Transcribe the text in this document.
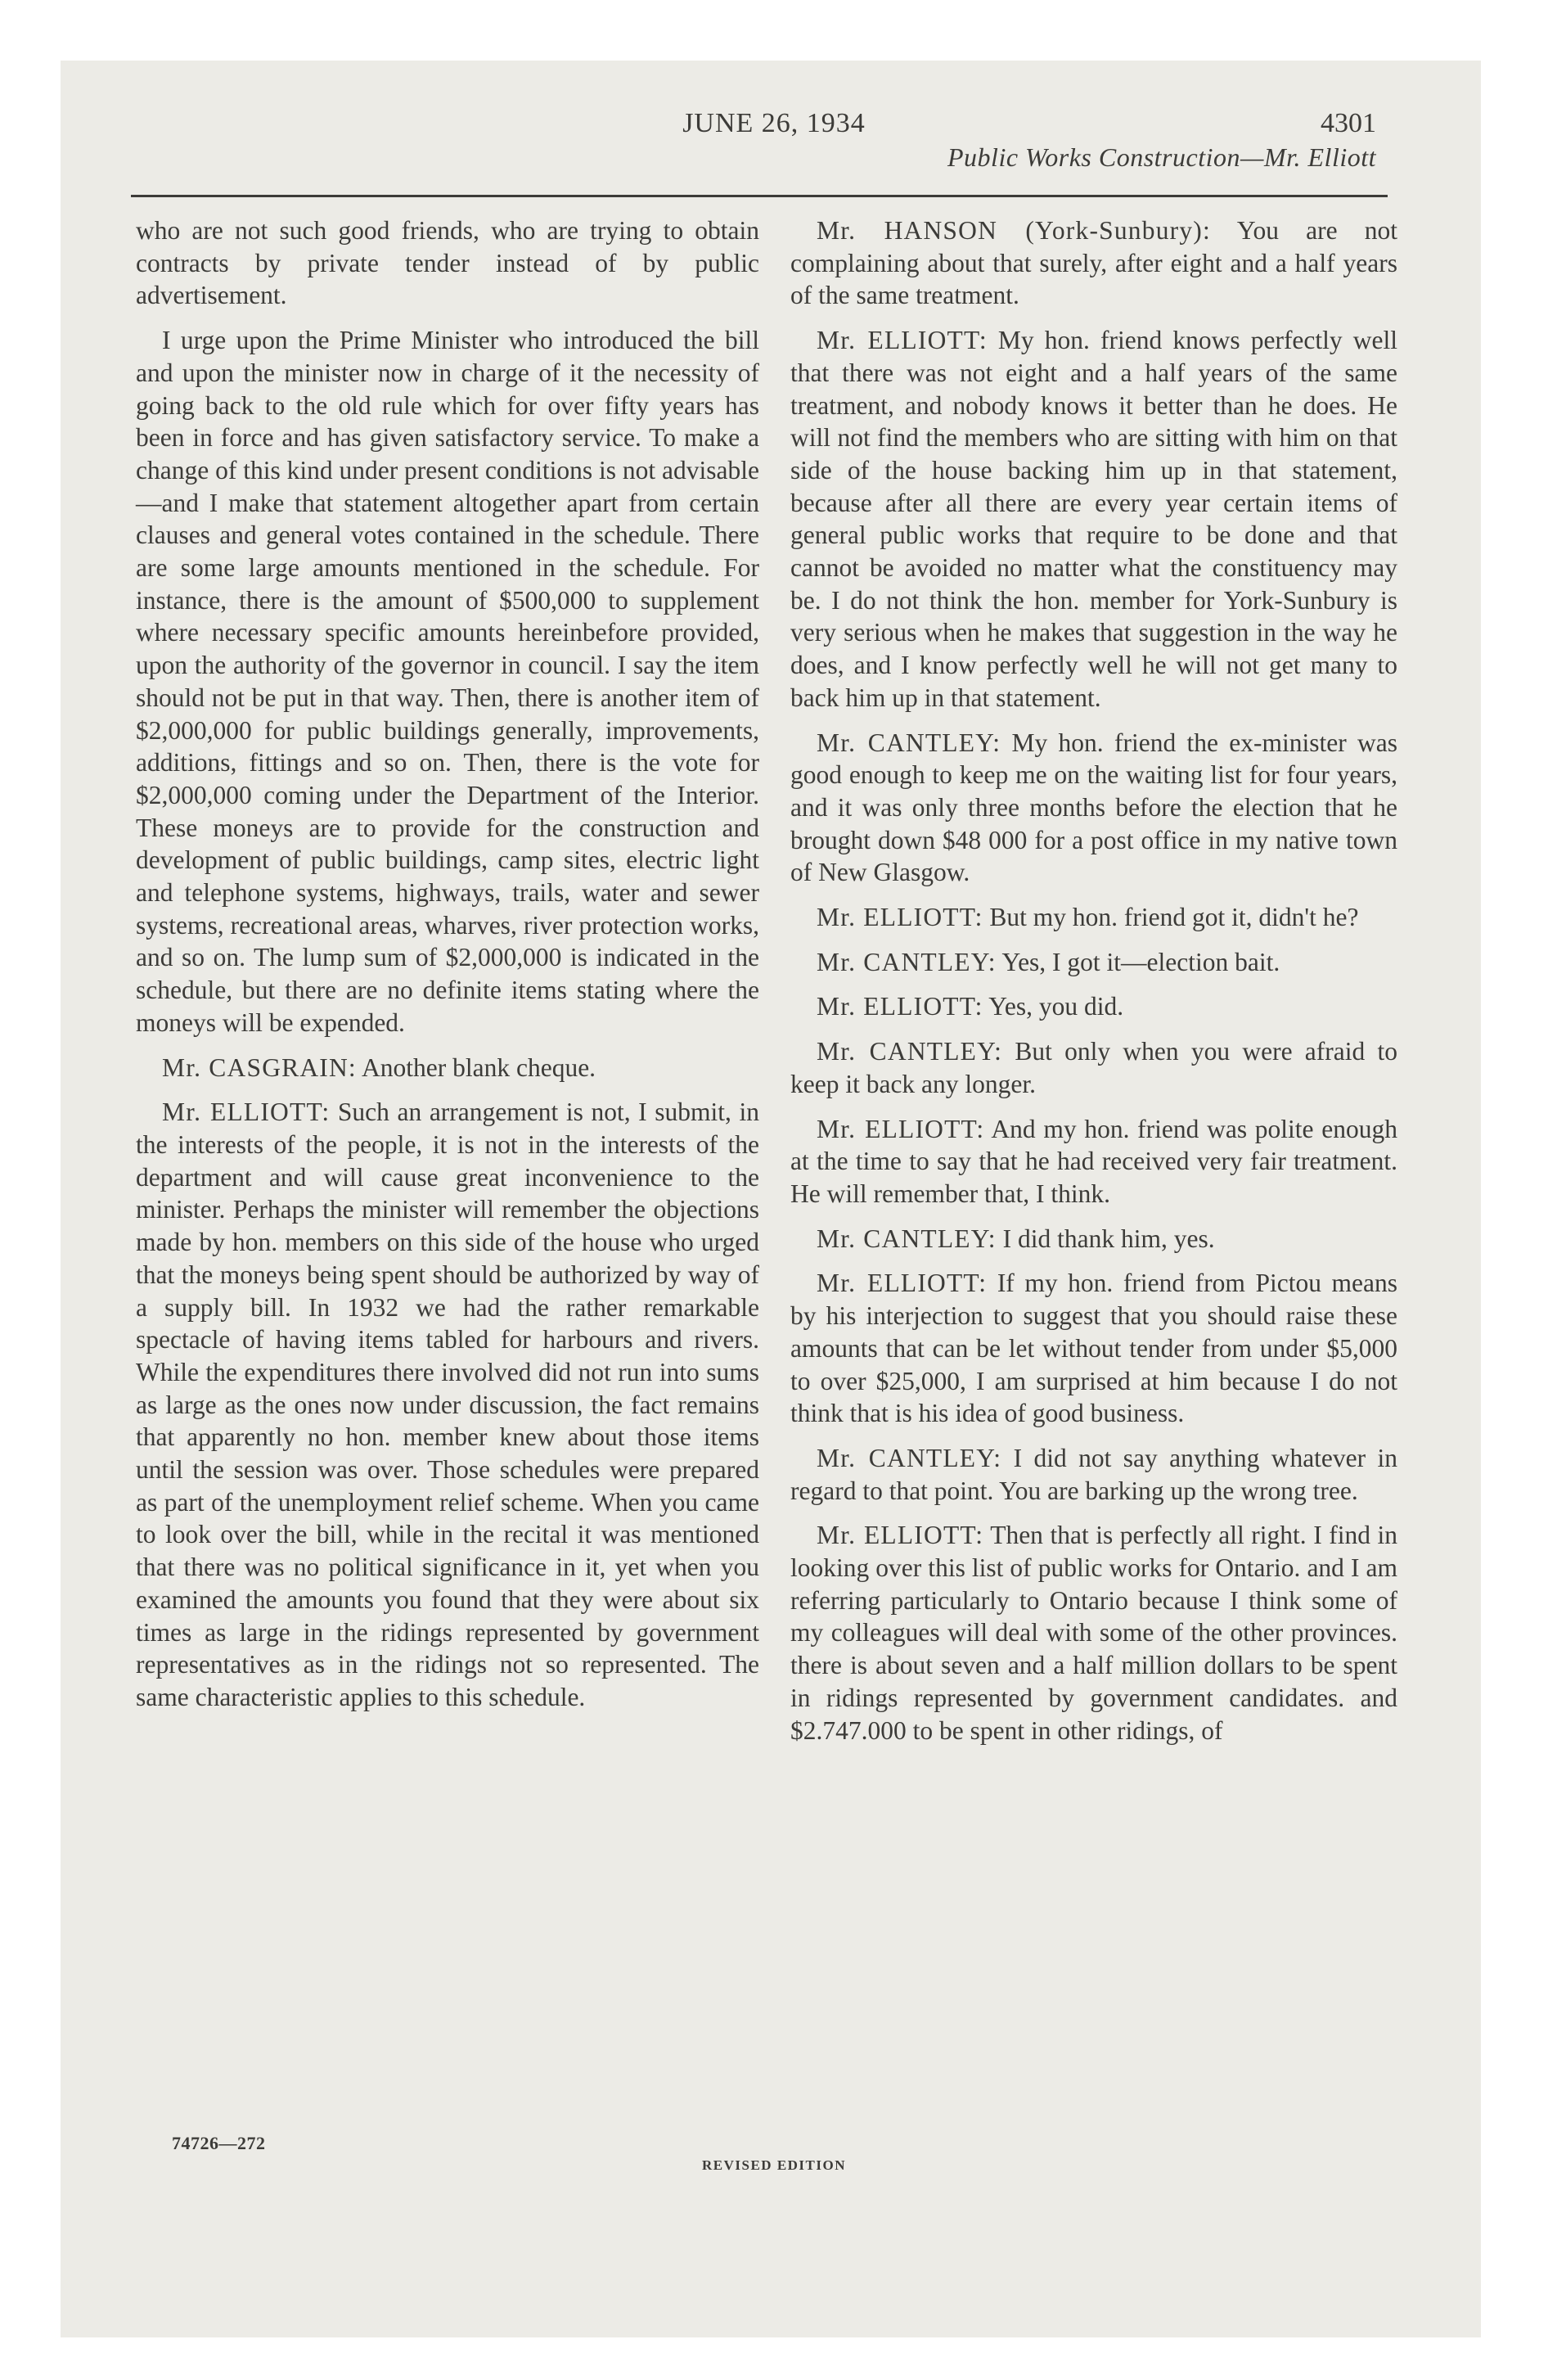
JUNE 26, 1934	4301
Public Works Construction—Mr. Elliott

who are not such good friends, who are trying to obtain contracts by private tender instead of by public advertisement.

I urge upon the Prime Minister who introduced the bill and upon the minister now in charge of it the necessity of going back to the old rule which for over fifty years has been in force and has given satisfactory service. To make a change of this kind under present conditions is not advisable—and I make that statement altogether apart from certain clauses and general votes contained in the schedule. There are some large amounts mentioned in the schedule. For instance, there is the amount of $500,000 to supplement where necessary specific amounts hereinbefore provided, upon the authority of the governor in council. I say the item should not be put in that way. Then, there is another item of $2,000,000 for public buildings generally, improvements, additions, fittings and so on. Then, there is the vote for $2,000,000 coming under the Department of the Interior. These moneys are to provide for the construction and development of public buildings, camp sites, electric light and telephone systems, highways, trails, water and sewer systems, recreational areas, wharves, river protection works, and so on. The lump sum of $2,000,000 is indicated in the schedule, but there are no definite items stating where the moneys will be expended.

Mr. CASGRAIN: Another blank cheque.

Mr. ELLIOTT: Such an arrangement is not, I submit, in the interests of the people, it is not in the interests of the department and will cause great inconvenience to the minister. Perhaps the minister will remember the objections made by hon. members on this side of the house who urged that the moneys being spent should be authorized by way of a supply bill. In 1932 we had the rather remarkable spectacle of having items tabled for harbours and rivers. While the expenditures there involved did not run into sums as large as the ones now under discussion, the fact remains that apparently no hon. member knew about those items until the session was over. Those schedules were prepared as part of the unemployment relief scheme. When you came to look over the bill, while in the recital it was mentioned that there was no political significance in it, yet when you examined the amounts you found that they were about six times as large in the ridings represented by government representatives as in the ridings not so represented. The same characteristic applies to this schedule.

Mr. HANSON (York-Sunbury): You are not complaining about that surely, after eight and a half years of the same treatment.

Mr. ELLIOTT: My hon. friend knows perfectly well that there was not eight and a half years of the same treatment, and nobody knows it better than he does. He will not find the members who are sitting with him on that side of the house backing him up in that statement, because after all there are every year certain items of general public works that require to be done and that cannot be avoided no matter what the constituency may be. I do not think the hon. member for York-Sunbury is very serious when he makes that suggestion in the way he does, and I know perfectly well he will not get many to back him up in that statement.

Mr. CANTLEY: My hon. friend the ex-minister was good enough to keep me on the waiting list for four years, and it was only three months before the election that he brought down $48 000 for a post office in my native town of New Glasgow.

Mr. ELLIOTT: But my hon. friend got it, didn't he?

Mr. CANTLEY: Yes, I got it—election bait.

Mr. ELLIOTT: Yes, you did.

Mr. CANTLEY: But only when you were afraid to keep it back any longer.

Mr. ELLIOTT: And my hon. friend was polite enough at the time to say that he had received very fair treatment. He will remember that, I think.

Mr. CANTLEY: I did thank him, yes.

Mr. ELLIOTT: If my hon. friend from Pictou means by his interjection to suggest that you should raise these amounts that can be let without tender from under $5,000 to over $25,000, I am surprised at him because I do not think that is his idea of good business.

Mr. CANTLEY: I did not say anything whatever in regard to that point. You are barking up the wrong tree.

Mr. ELLIOTT: Then that is perfectly all right. I find in looking over this list of public works for Ontario. and I am referring particularly to Ontario because I think some of my colleagues will deal with some of the other provinces. there is about seven and a half million dollars to be spent in ridings represented by government candidates. and $2.747.000 to be spent in other ridings, of

74726—272
REVISED EDITION
